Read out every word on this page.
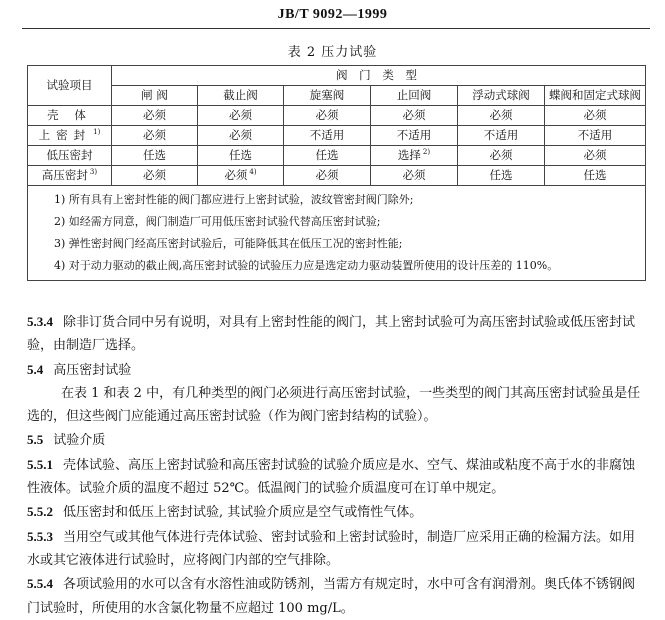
JB/T 9092—1999
表 2 压力试验
试验项目	阀 门 类 型					
	闸 阀	截止阀	旋塞阀	止回阀	浮动式球阀	蝶阀和固定式球阀
壳 体	必须	必须	必须	必须	必须	必须
上密封 $^{1)}$	必须	必须	不适用	不适用	不适用	不适用
低压密封	任选	任选	任选	选择 $^{2)}$	必须	必须
高压密封 $^{3)}$	必须	必须 $^{4)}$	必须	必须	任选	任选

1) 所有具有上密封性能的阀门都应进行上密封试验，波纹管密封阀门除外;
2) 如经需方同意，阀门制造厂可用低压密封试验代替高压密封试验;
3) 弹性密封阀门经高压密封试验后，可能降低其在低压工况的密封性能;
4) 对于动力驱动的截止阀,高压密封试验的试验压力应是选定动力驱动装置所使用的设计压差的 110%。						

5.3.4 除非订货合同中另有说明，对具有上密封性能的阀门，其上密封试验可为高压密封试验或低压密封试验，由制造厂选择。

5.4 高压密封试验

在表 1 和表 2 中，有几种类型的阀门必须进行高压密封试验，一些类型的阀门其高压密封试验虽是任选的，但这些阀门应能通过高压密封试验（作为阀门密封结构的试验）。

5.5 试验介质

5.5.1 壳体试验、高压上密封试验和高压密封试验的试验介质应是水、空气、煤油或粘度不高于水的非腐蚀性液体。试验介质的温度不超过 52℃。低温阀门的试验介质温度可在订单中规定。

5.5.2 低压密封和低压上密封试验, 其试验介质应是空气或惰性气体。

5.5.3 当用空气或其他气体进行壳体试验、密封试验和上密封试验时，制造厂应采用正确的检漏方法。如用水或其它液体进行试验时，应将阀门内部的空气排除。

5.5.4 各项试验用的水可以含有水溶性油或防锈剂，当需方有规定时，水中可含有润滑剂。奥氏体不锈钢阀门试验时，所使用的水含氯化物量不应超过 100 mg/L。
